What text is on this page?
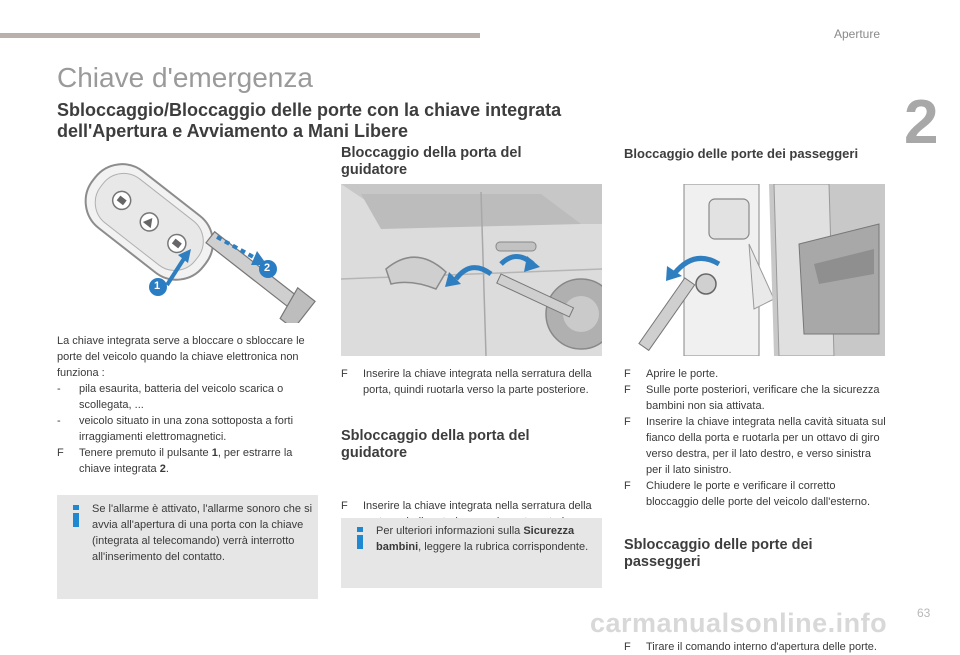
Aperture
2
Chiave d'emergenza
Sbloccaggio/Bloccaggio delle porte con la chiave integrata dell'Apertura e Avviamento a Mani Libere
1
2
La chiave integrata serve a bloccare o sbloccare le porte del veicolo quando la chiave elettronica non funziona :
- pila esaurita, batteria del veicolo scarica o scollegata, ...
- veicolo situato in una zona sottoposta a forti irraggiamenti elettromagnetici.
F Tenere premuto il pulsante 1, per estrarre la chiave integrata 2.
Se l'allarme è attivato, l'allarme sonoro che si avvia all'apertura di una porta con la chiave (integrata al telecomando) verrà interrotto all'inserimento del contatto.
Bloccaggio della porta del guidatore
F Inserire la chiave integrata nella serratura della porta, quindi ruotarla verso la parte posteriore.
Sbloccaggio della porta del guidatore
F Inserire la chiave integrata nella serratura della
Per ulteriori informazioni sulla Sicurezza bambini, leggere la rubrica corrispondente.
Bloccaggio delle porte dei passeggeri
F Aprire le porte.
F Sulle porte posteriori, verificare che la sicurezza bambini non sia attivata.
F Inserire la chiave integrata nella cavità situata sul fianco della porta e ruotarla per un ottavo di giro verso destra, per il lato destro, e verso sinistra per il lato sinistro.
F Chiudere le porte e verificare il corretto bloccaggio delle porte del veicolo dall'esterno.
Sbloccaggio delle porte dei passeggeri
F Tirare il comando interno d'apertura delle porte.
carmanualsonline.info 63
